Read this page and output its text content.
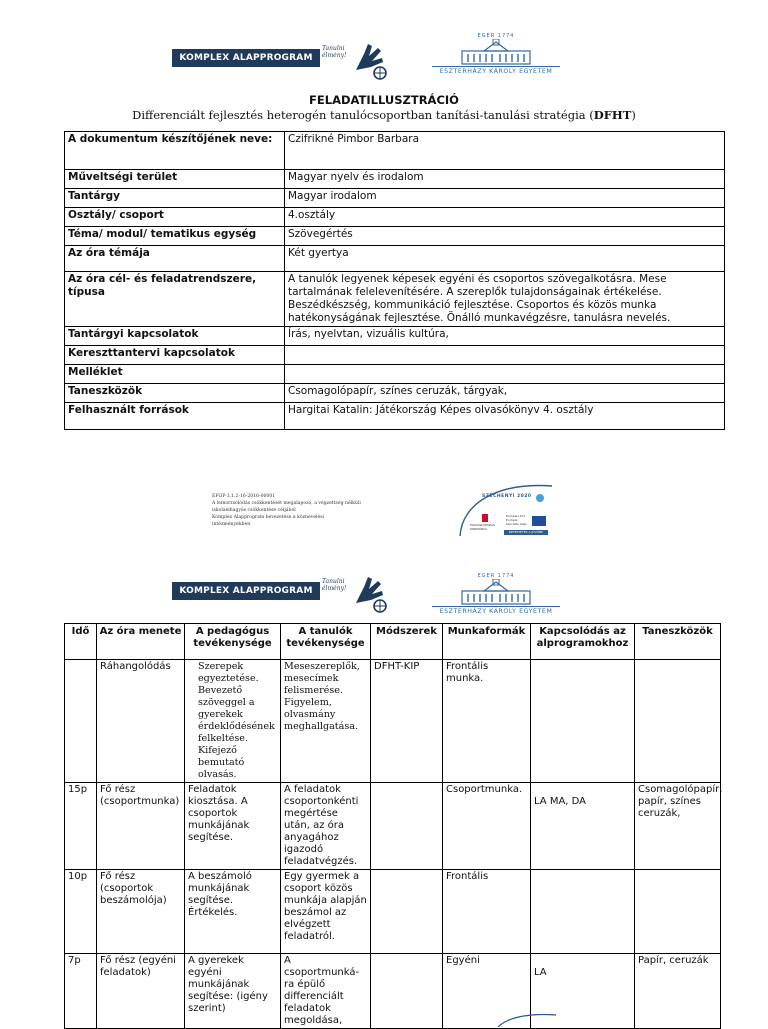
KOMPLEX ALAPPROGRAM
Tanulni élmény!
EGER 1774
ESZTERHÁZY KÁROLY EGYETEM
FELADATILLUSZTRÁCIÓ
Differenciált fejlesztés heterogén tanulócsoportban tanítási-tanulási stratégia (DFHT)
A dokumentum készítőjének neve:	Czifrikné Pimbor Barbara
Műveltségi terület	Magyar nyelv és irodalom
Tantárgy	Magyar irodalom
Osztály/ csoport	4.osztály
Téma/ modul/ tematikus egység	Szövegértés
Az óra témája	Két gyertya
Az óra cél- és feladatrendszere, típusa	A tanulók legyenek képesek egyéni és csoportos szövegalkotásra. Mese tartalmának felelevenítésére. A szereplők tulajdonságainak értékelése. Beszédkészség, kommunikáció fejlesztése. Csoportos és közös munka hatékonyságának fejlesztése. Önálló munkavégzésre, tanulásra nevelés.
Tantárgyi kapcsolatok	Írás, nyelvtan, vizuális kultúra,
Kereszttantervi kapcsolatok	
Melléklet	
Taneszközök	Csomagolópapír, színes ceruzák, tárgyak,
Felhasznált források	Hargitai Katalin: Játékország Képes olvasókönyv 4. osztály
EFOP-3.1.2-16-2016-00001
A lemorzsolódás csökkentését megalapozó, a végzettség nélküli
iskolaelhagyás csökkentése céljából
Komplex Alapprogram bevezetése a köznevelési intézményekben
SZÉCHENYI 2020
MAGYARORSZÁG KORMÁNYA
Európai Unió Európai Szociális Alap
BEFEKTETÉS A JÖVŐBE
KOMPLEX ALAPPROGRAM
Tanulni élmény!
EGER 1774
ESZTERHÁZY KÁROLY EGYETEM
Idő	Az óra menete	A pedagógus tevékenysége	A tanulók tevékenysége	Módszerek	Munkaformák	Kapcsolódás az alprogramokhoz	Taneszközök
	Ráhangolódás	Szerepek egyeztetése. Bevezető szöveggel a gyerekek érdeklődésének felkeltése. Kifejező bemutató olvasás.	Meseszereplők, mesecímek felismerése. Figyelem, olvasmány meghallgatása.	DFHT-KIP	Frontális munka.		
15p	Fő rész (csoportmunka)	Feladatok kiosztása. A csoportok munkájának segítése.	A feladatok csoportonkénti megértése után, az óra anyagához igazodó feladatvégzés.		Csoportmunka.	LA MA, DA	Csomagolópapír, papír, színes ceruzák,
10p	Fő rész (csoportok beszámolója)	A beszámoló munkájának segítése. Értékelés.	Egy gyermek a csoport közös munkája alapján beszámol az elvégzett feladatról.		Frontális		
7p	Fő rész (egyéni feladatok)	A gyerekek egyéni munkájának segítése: (igény szerint)	A csoportmunká-ra épülő differenciált feladatok megoldása,		Egyéni	LA	Papír, ceruzák
